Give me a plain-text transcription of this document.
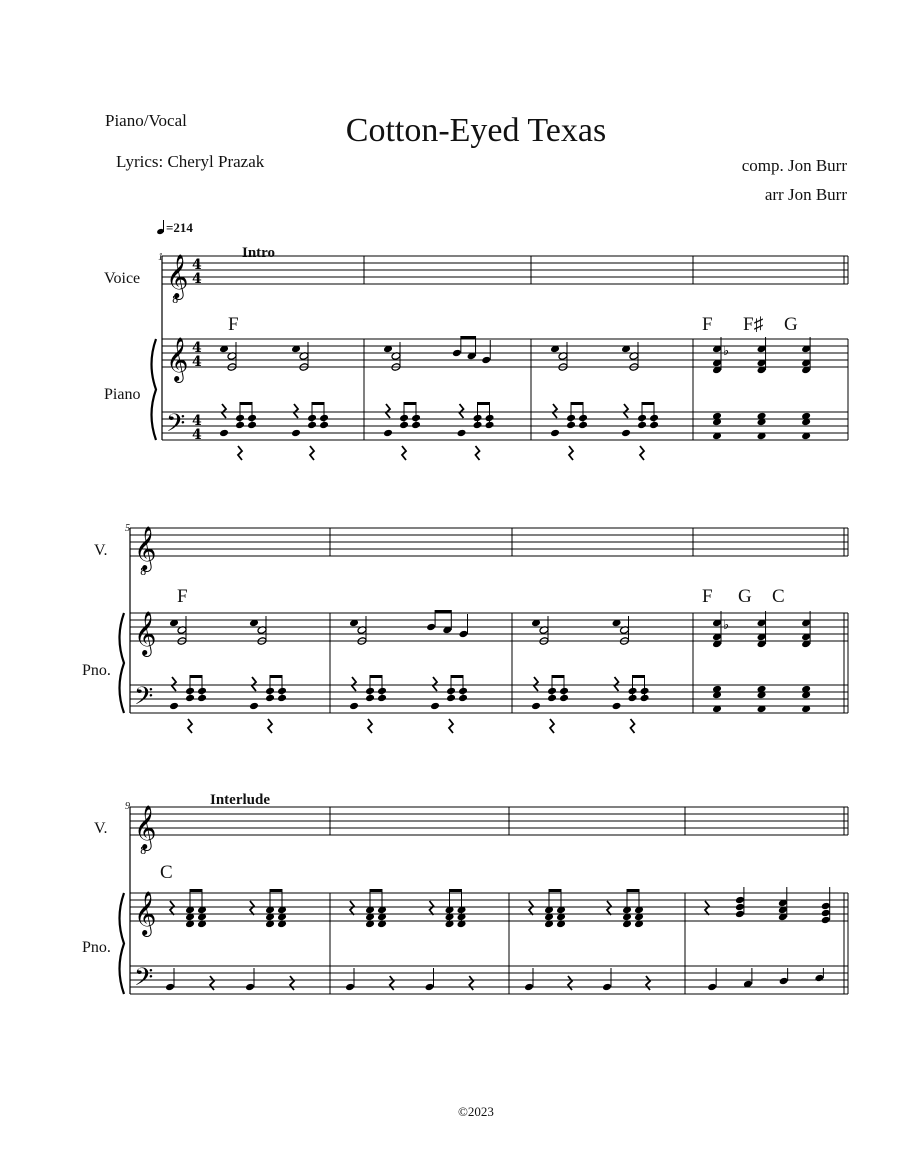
Piano/Vocal	Cotton-Eyed Texas
Lyrics: Cheryl Prazak	comp. Jon Burr
arr Jon Burr
=214
1	Intro
Voice
Piano
F	F F♯ G
5
V.
Pno.
F	F G C
9	Interlude
V.
Pno.
C
𝄞
8
𝄞
𝄢
4
4
4
4
4
4
♭
𝄞
8
𝄞
𝄢
♭
𝄞
8
𝄞
𝄢
©2023
